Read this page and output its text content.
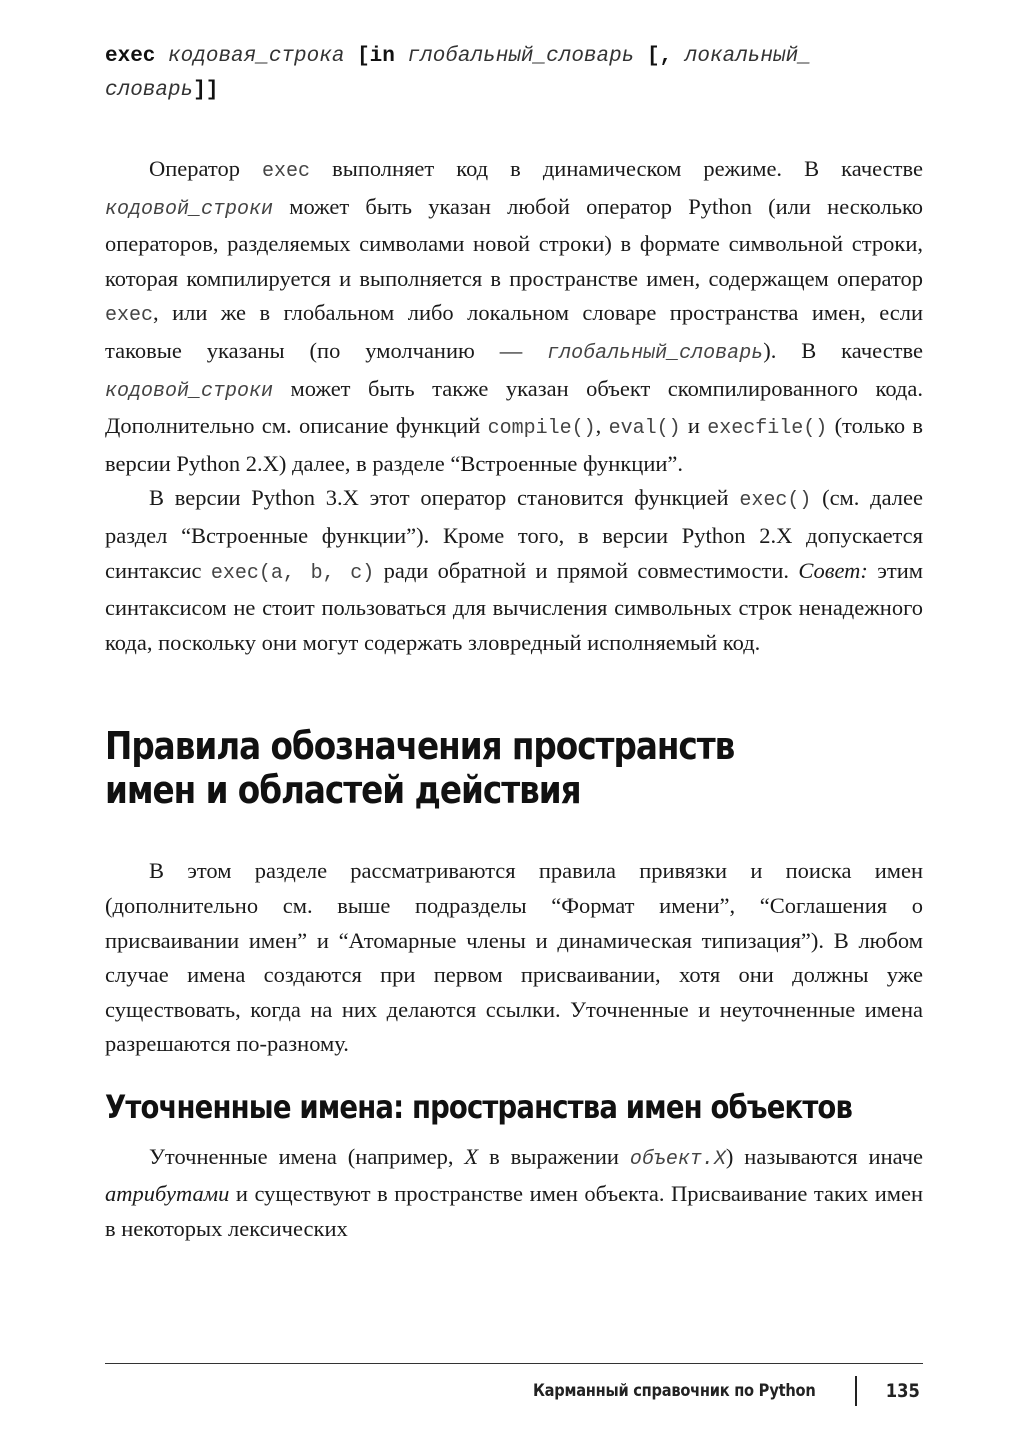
exec кодовая_строка [in глобальный_словарь [, локальный_
словарь]]

Оператор exec выполняет код в динамическом режиме. В качестве кодовой_строки может быть указан любой оператор Python (или несколько операторов, разделяемых символами новой строки) в формате символьной строки, которая компилируется и выполняется в пространстве имен, содержащем оператор exec, или же в глобальном либо локальном словаре пространства имен, если таковые указаны (по умолчанию — глобальный_словарь). В качестве кодовой_строки может быть также указан объект скомпилированного кода. Дополнительно см. описание функций compile(), eval() и execfile() (только в версии Python 2.X) далее, в разделе “Встроенные функции”.

В версии Python 3.X этот оператор становится функцией exec() (см. далее раздел “Встроенные функции”). Кроме того, в версии Python 2.X допускается синтаксис exec(a, b, c) ради обратной и прямой совместимости. Совет: этим синтаксисом не стоит пользоваться для вычисления символьных строк ненадежного кода, поскольку они могут содержать зловредный исполняемый код.

Правила обозначения пространств
имен и областей действия

В этом разделе рассматриваются правила привязки и поиска имен (дополнительно см. выше подразделы “Формат имени”, “Соглашения о присваивании имен” и “Атомарные члены и динамическая типизация”). В любом случае имена создаются при первом присваивании, хотя они должны уже существовать, когда на них делаются ссылки. Уточненные и неуточненные имена разрешаются по-разному.

Уточненные имена: пространства имен объектов

Уточненные имена (например, X в выражении объект.X) называются иначе атрибутами и существуют в пространстве имен объекта. Присваивание таких имен в некоторых лексических

Карманный справочник по Python	135
